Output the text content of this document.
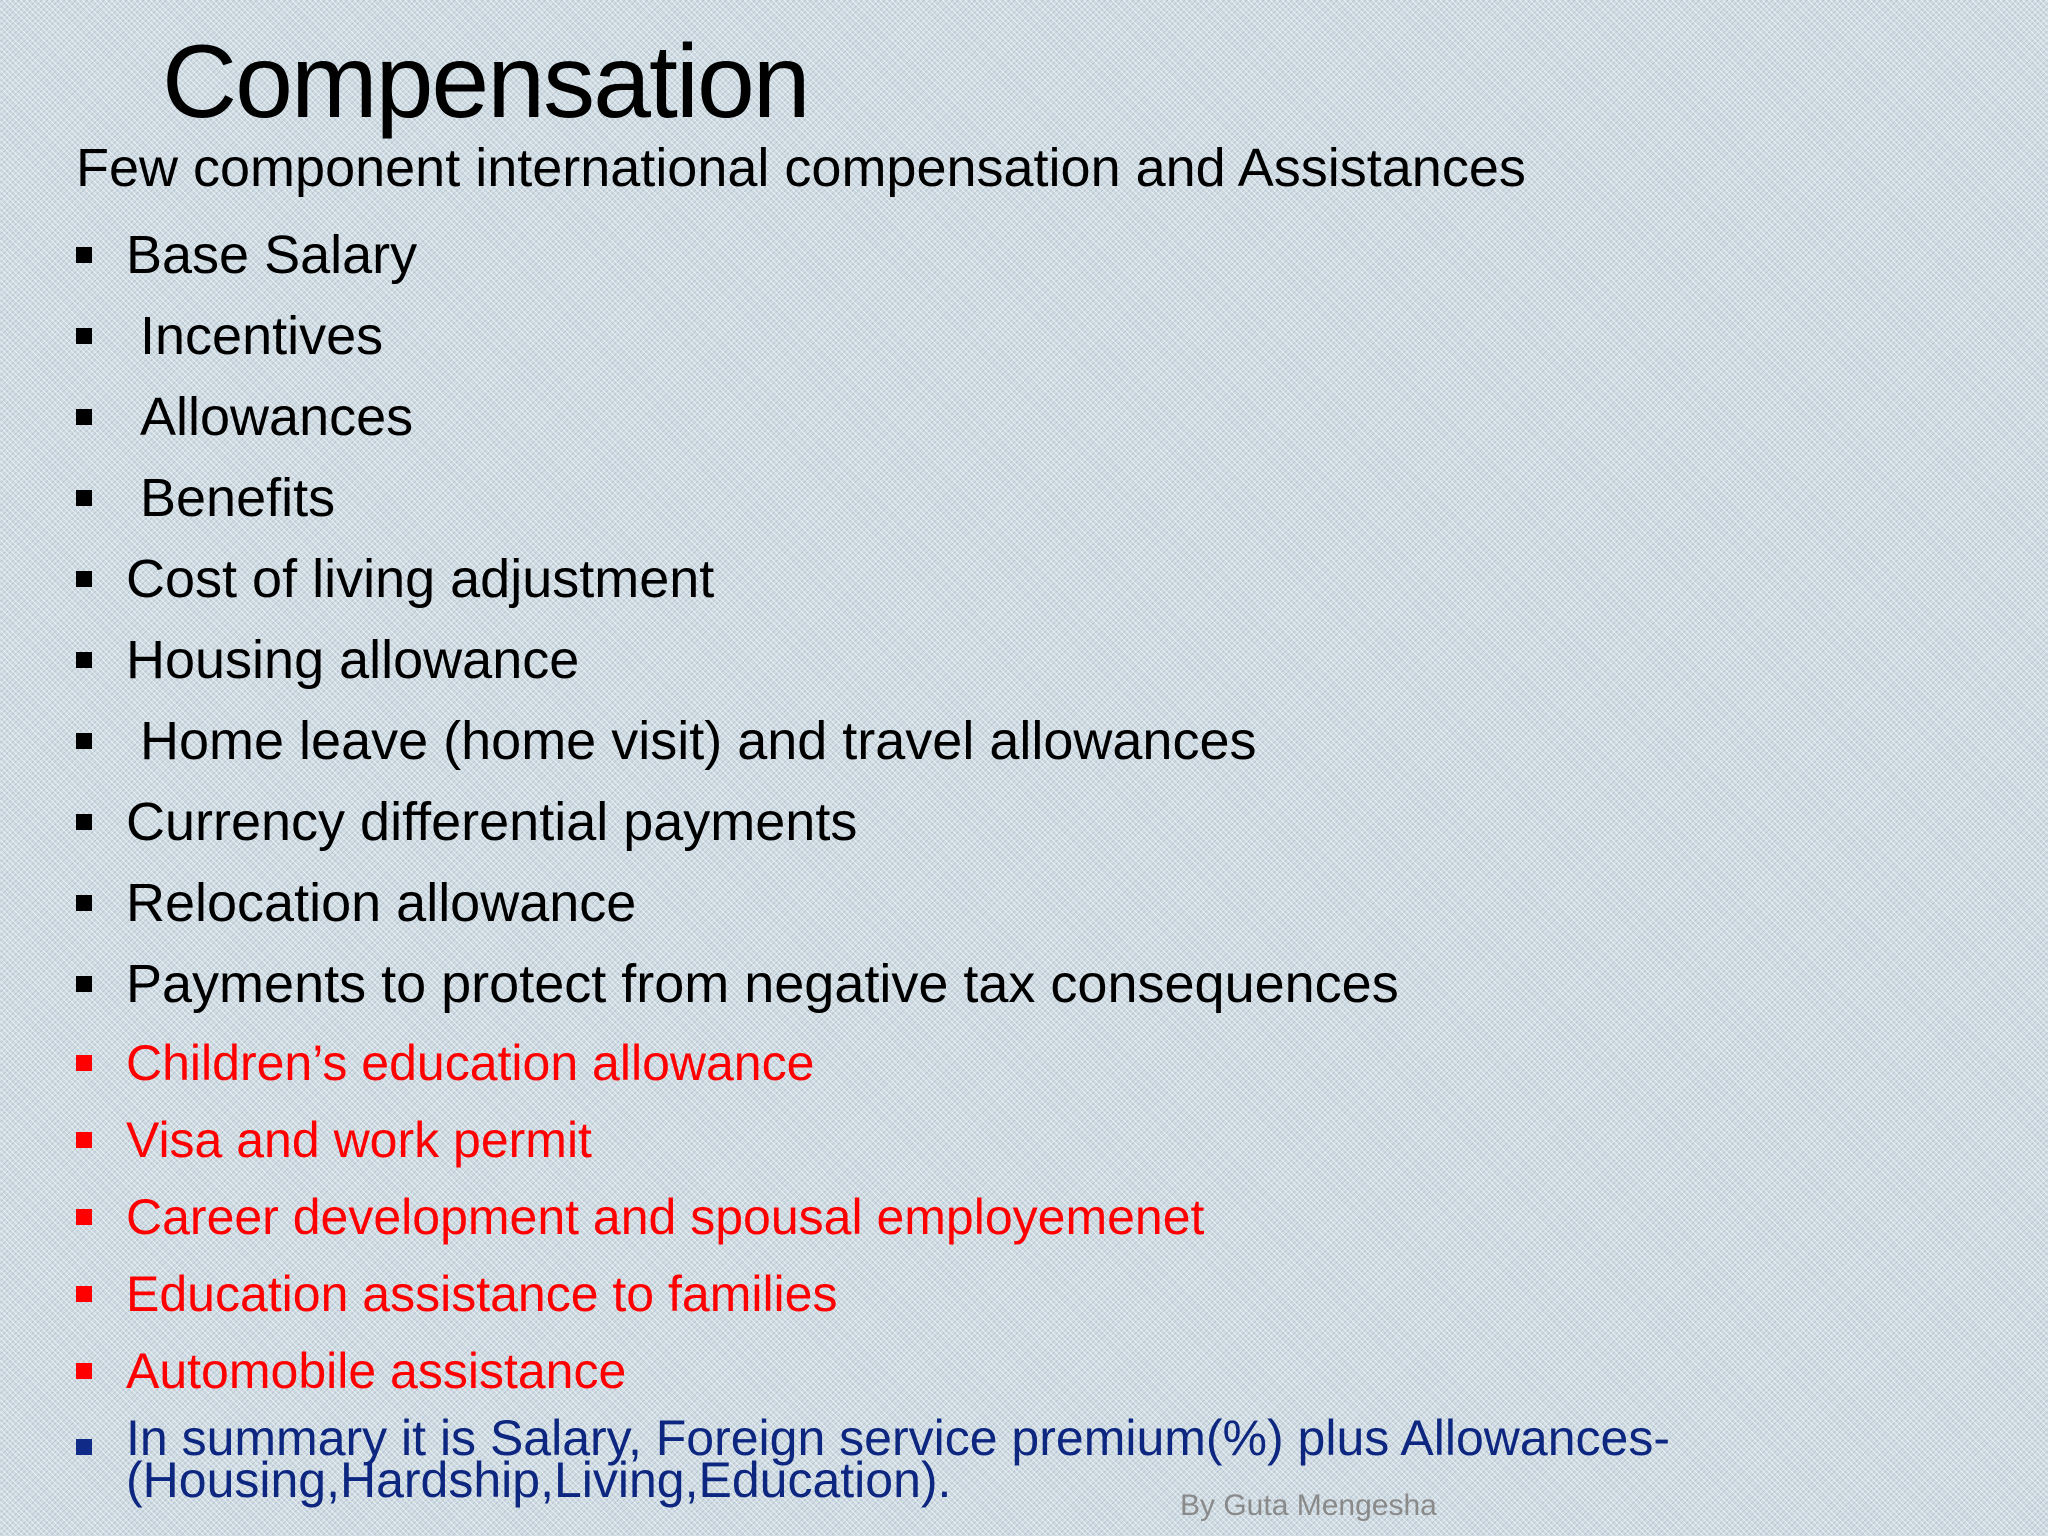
Compensation
Few component international compensation and Assistances
Base Salary
Incentives
Allowances
Benefits
Cost of living adjustment
Housing allowance
Home leave (home visit) and travel allowances
Currency differential payments
Relocation allowance
Payments to protect from negative tax consequences
Children’s education allowance
Visa and work permit
Career development and spousal employemenet
Education assistance to families
Automobile assistance
In summary it is Salary, Foreign service premium(%) plus Allowances-(Housing,Hardship,Living,Education).	By Guta Mengesha
